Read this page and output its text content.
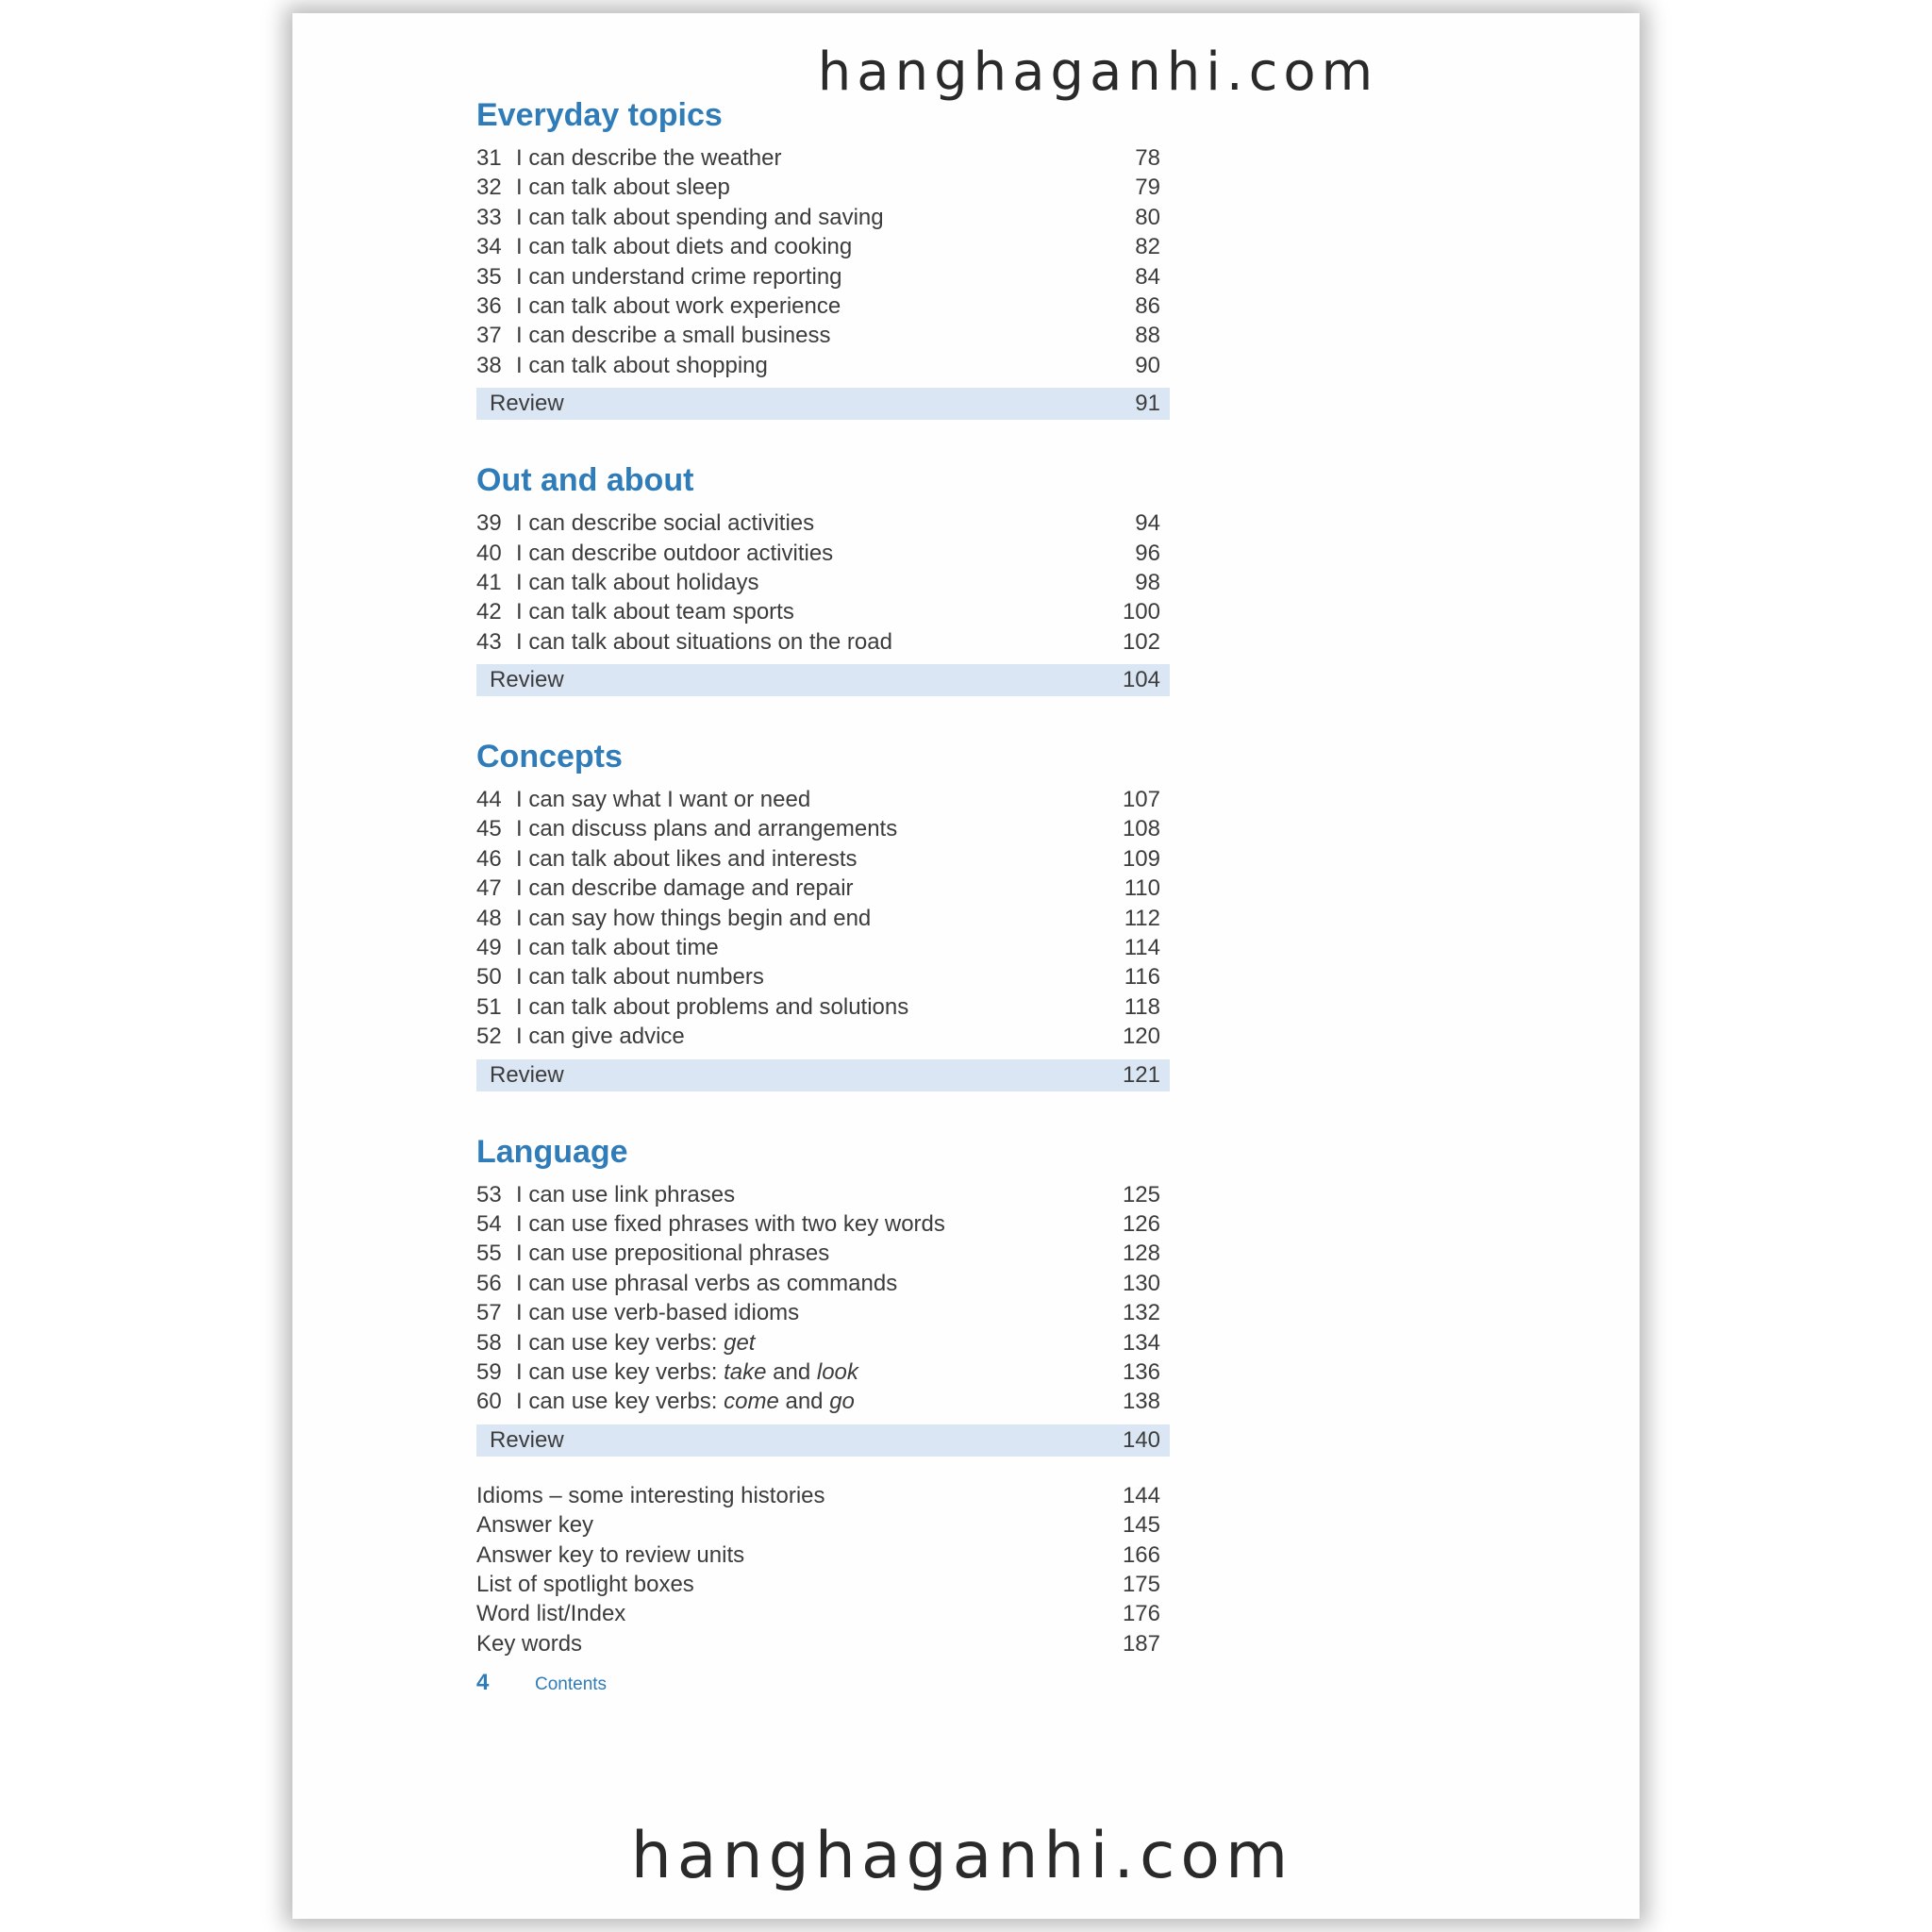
hanghaganhi.com
Everyday topics
31 I can describe the weather	78
32 I can talk about sleep	79
33 I can talk about spending and saving	80
34 I can talk about diets and cooking	82
35 I can understand crime reporting	84
36 I can talk about work experience	86
37 I can describe a small business	88
38 I can talk about shopping	90
Review	91
Out and about
39 I can describe social activities	94
40 I can describe outdoor activities	96
41 I can talk about holidays	98
42 I can talk about team sports	100
43 I can talk about situations on the road	102
Review	104
Concepts
44 I can say what I want or need	107
45 I can discuss plans and arrangements	108
46 I can talk about likes and interests	109
47 I can describe damage and repair	110
48 I can say how things begin and end	112
49 I can talk about time	114
50 I can talk about numbers	116
51 I can talk about problems and solutions	118
52 I can give advice	120
Review	121
Language
53 I can use link phrases	125
54 I can use fixed phrases with two key words	126
55 I can use prepositional phrases	128
56 I can use phrasal verbs as commands	130
57 I can use verb-based idioms	132
58 I can use key verbs: get	134
59 I can use key verbs: take and look	136
60 I can use key verbs: come and go	138
Review	140
Idioms – some interesting histories	144
Answer key	145
Answer key to review units	166
List of spotlight boxes	175
Word list/Index	176
Key words	187
4	Contents
hanghaganhi.com
